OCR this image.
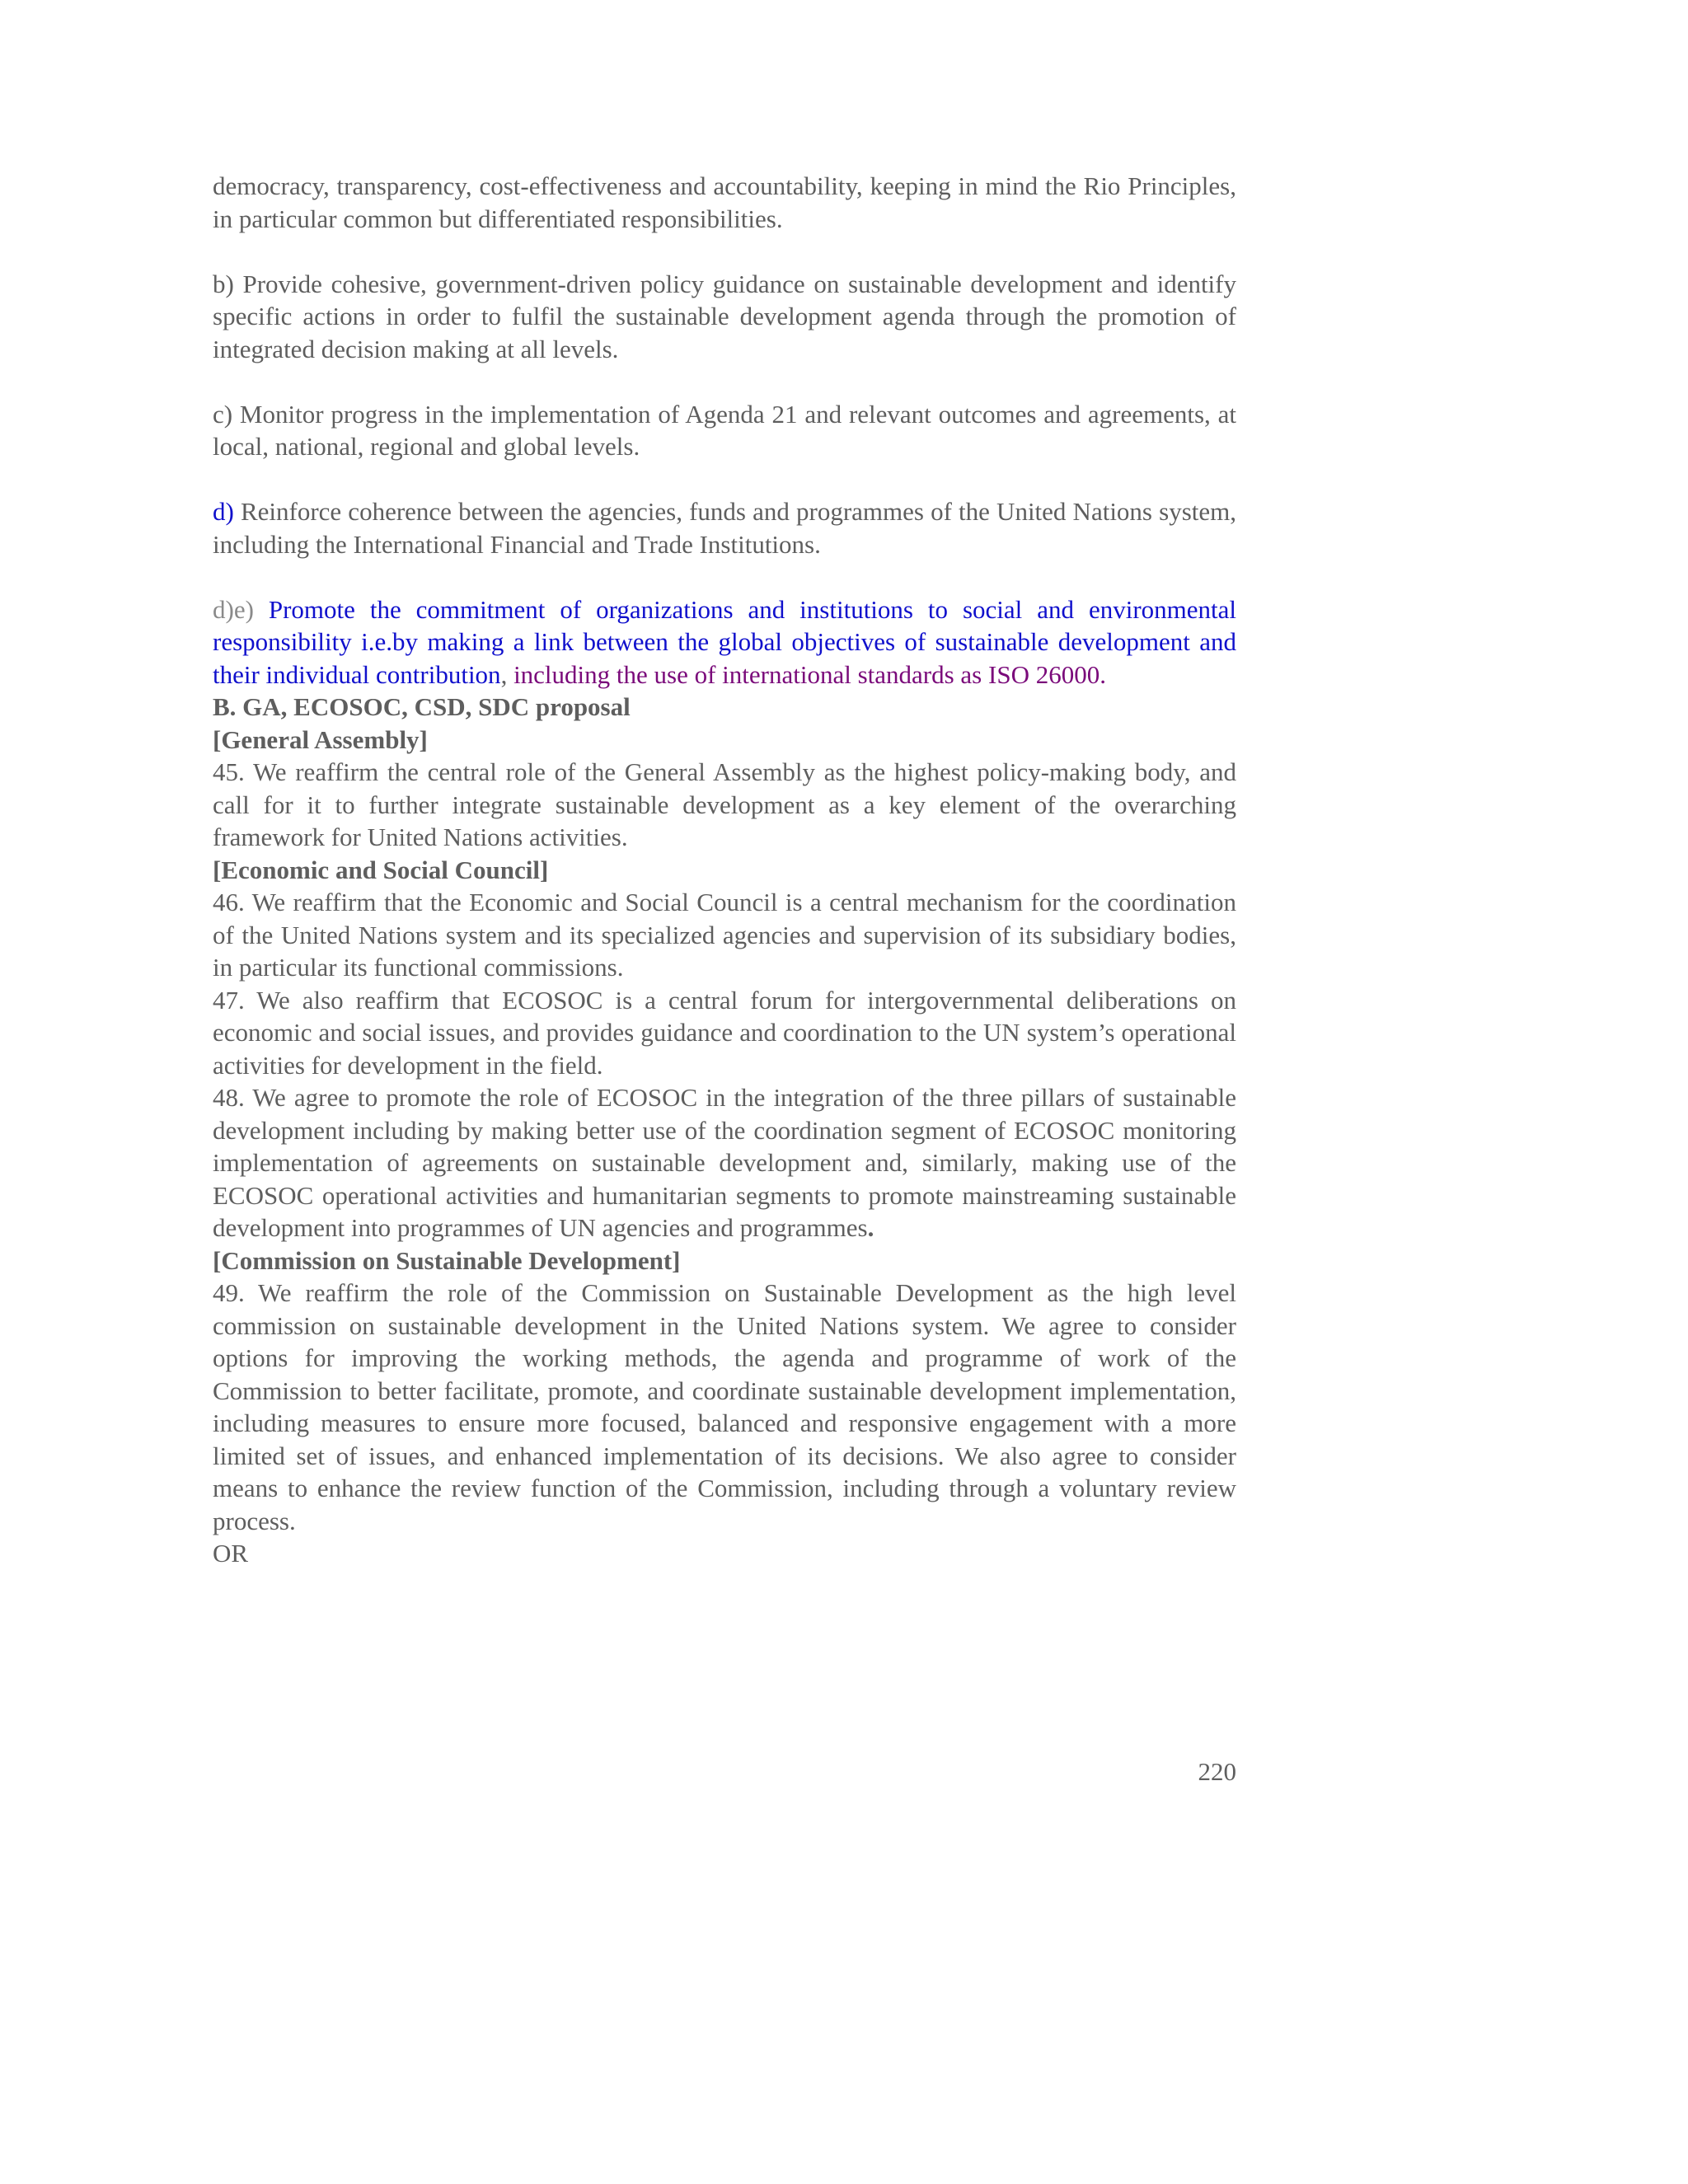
democracy, transparency, cost-effectiveness and accountability, keeping in mind the Rio Principles, in particular common but differentiated responsibilities.

b) Provide cohesive, government-driven policy guidance on sustainable development and identify specific actions in order to fulfil the sustainable development agenda through the promotion of integrated decision making at all levels.

c) Monitor progress in the implementation of Agenda 21 and relevant outcomes and agreements, at local, national, regional and global levels.

d) Reinforce coherence between the agencies, funds and programmes of the United Nations system, including the International Financial and Trade Institutions.

d)e) Promote the commitment of organizations and institutions to social and environmental responsibility i.e.by making a link between the global objectives of sustainable development and their individual contribution, including the use of international standards as ISO 26000.

B. GA, ECOSOC, CSD, SDC proposal

[General Assembly]

45. We reaffirm the central role of the General Assembly as the highest policy-making body, and call for it to further integrate sustainable development as a key element of the overarching framework for United Nations activities.

[Economic and Social Council]

46. We reaffirm that the Economic and Social Council is a central mechanism for the coordination of the United Nations system and its specialized agencies and supervision of its subsidiary bodies, in particular its functional commissions.

47. We also reaffirm that ECOSOC is a central forum for intergovernmental deliberations on economic and social issues, and provides guidance and coordination to the UN system’s operational activities for development in the field.

48. We agree to promote the role of ECOSOC in the integration of the three pillars of sustainable development including by making better use of the coordination segment of ECOSOC monitoring implementation of agreements on sustainable development and, similarly, making use of the ECOSOC operational activities and humanitarian segments to promote mainstreaming sustainable development into programmes of UN agencies and programmes.

[Commission on Sustainable Development]

49. We reaffirm the role of the Commission on Sustainable Development as the high level commission on sustainable development in the United Nations system. We agree to consider options for improving the working methods, the agenda and programme of work of the Commission to better facilitate, promote, and coordinate sustainable development implementation, including measures to ensure more focused, balanced and responsive engagement with a more limited set of issues, and enhanced implementation of its decisions. We also agree to consider means to enhance the review function of the Commission, including through a voluntary review process.

OR

220
